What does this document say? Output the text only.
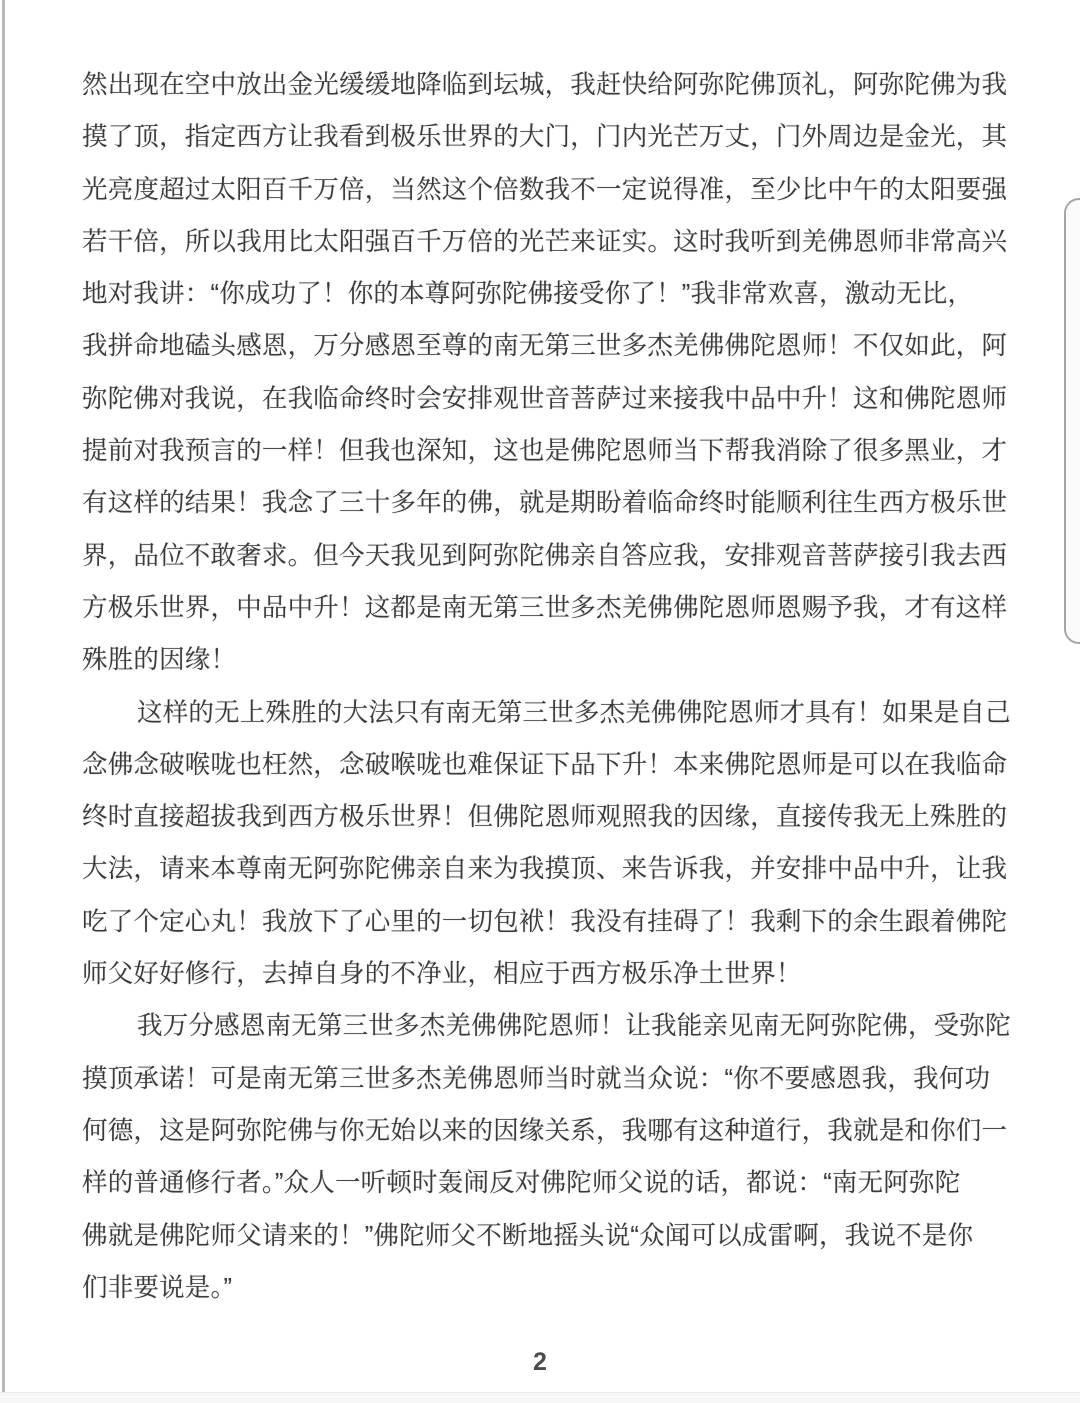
然出现在空中放出金光缓缓地降临到坛城，我赶快给阿弥陀佛顶礼，阿弥陀佛为我
摸了顶，指定西方让我看到极乐世界的大门，门内光芒万丈，门外周边是金光，其
光亮度超过太阳百千万倍，当然这个倍数我不一定说得准，至少比中午的太阳要强
若干倍，所以我用比太阳强百千万倍的光芒来证实。这时我听到羌佛恩师非常高兴
地对我讲：“你成功了！你的本尊阿弥陀佛接受你了！”我非常欢喜，激动无比，
我拼命地磕头感恩，万分感恩至尊的南无第三世多杰羌佛佛陀恩师！不仅如此，阿
弥陀佛对我说，在我临命终时会安排观世音菩萨过来接我中品中升！这和佛陀恩师
提前对我预言的一样！但我也深知，这也是佛陀恩师当下帮我消除了很多黑业，才
有这样的结果！我念了三十多年的佛，就是期盼着临命终时能顺利往生西方极乐世
界，品位不敢奢求。但今天我见到阿弥陀佛亲自答应我，安排观音菩萨接引我去西
方极乐世界，中品中升！这都是南无第三世多杰羌佛佛陀恩师恩赐予我，才有这样
殊胜的因缘！
这样的无上殊胜的大法只有南无第三世多杰羌佛佛陀恩师才具有！如果是自己
念佛念破喉咙也枉然，念破喉咙也难保证下品下升！本来佛陀恩师是可以在我临命
终时直接超拔我到西方极乐世界！但佛陀恩师观照我的因缘，直接传我无上殊胜的
大法，请来本尊南无阿弥陀佛亲自来为我摸顶、来告诉我，并安排中品中升，让我
吃了个定心丸！我放下了心里的一切包袱！我没有挂碍了！我剩下的余生跟着佛陀
师父好好修行，去掉自身的不净业，相应于西方极乐净土世界！
我万分感恩南无第三世多杰羌佛佛陀恩师！让我能亲见南无阿弥陀佛，受弥陀
摸顶承诺！可是南无第三世多杰羌佛恩师当时就当众说：“你不要感恩我，我何功
何德，这是阿弥陀佛与你无始以来的因缘关系，我哪有这种道行，我就是和你们一
样的普通修行者。”众人一听顿时轰闹反对佛陀师父说的话，都说：“南无阿弥陀
佛就是佛陀师父请来的！”佛陀师父不断地摇头说“众闻可以成雷啊，我说不是你
们非要说是。”
2
